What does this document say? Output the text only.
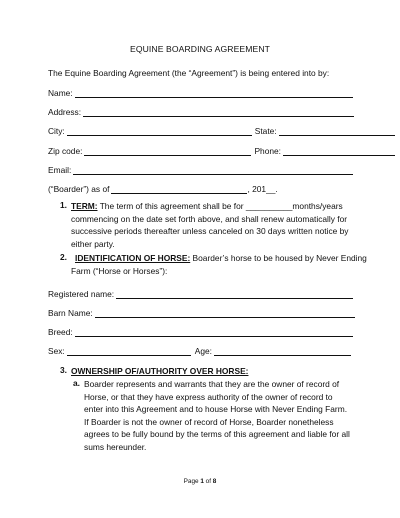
EQUINE BOARDING AGREEMENT
The Equine Boarding Agreement (the “Agreement”) is being entered into by:
Name:
Address:
City:	State:
Zip code:	Phone:
Email:
(“Boarder”) as of	, 201__.
1. TERM: The term of this agreement shall be for __________months/years
commencing on the date set forth above, and shall renew automatically for
successive periods thereafter unless canceled on 30 days written notice by
either party.
2. IDENTIFICATION OF HORSE: Boarder’s horse to be housed by Never Ending
Farm (“Horse or Horses”):
Registered name:
Barn Name:
Breed:
Sex:	Age:
3. OWNERSHIP OF/AUTHORITY OVER HORSE:
a. Boarder represents and warrants that they are the owner of record of
Horse, or that they have express authority of the owner of record to
enter into this Agreement and to house Horse with Never Ending Farm.
If Boarder is not the owner of record of Horse, Boarder nonetheless
agrees to be fully bound by the terms of this agreement and liable for all
sums hereunder.
Page 1 of 8
